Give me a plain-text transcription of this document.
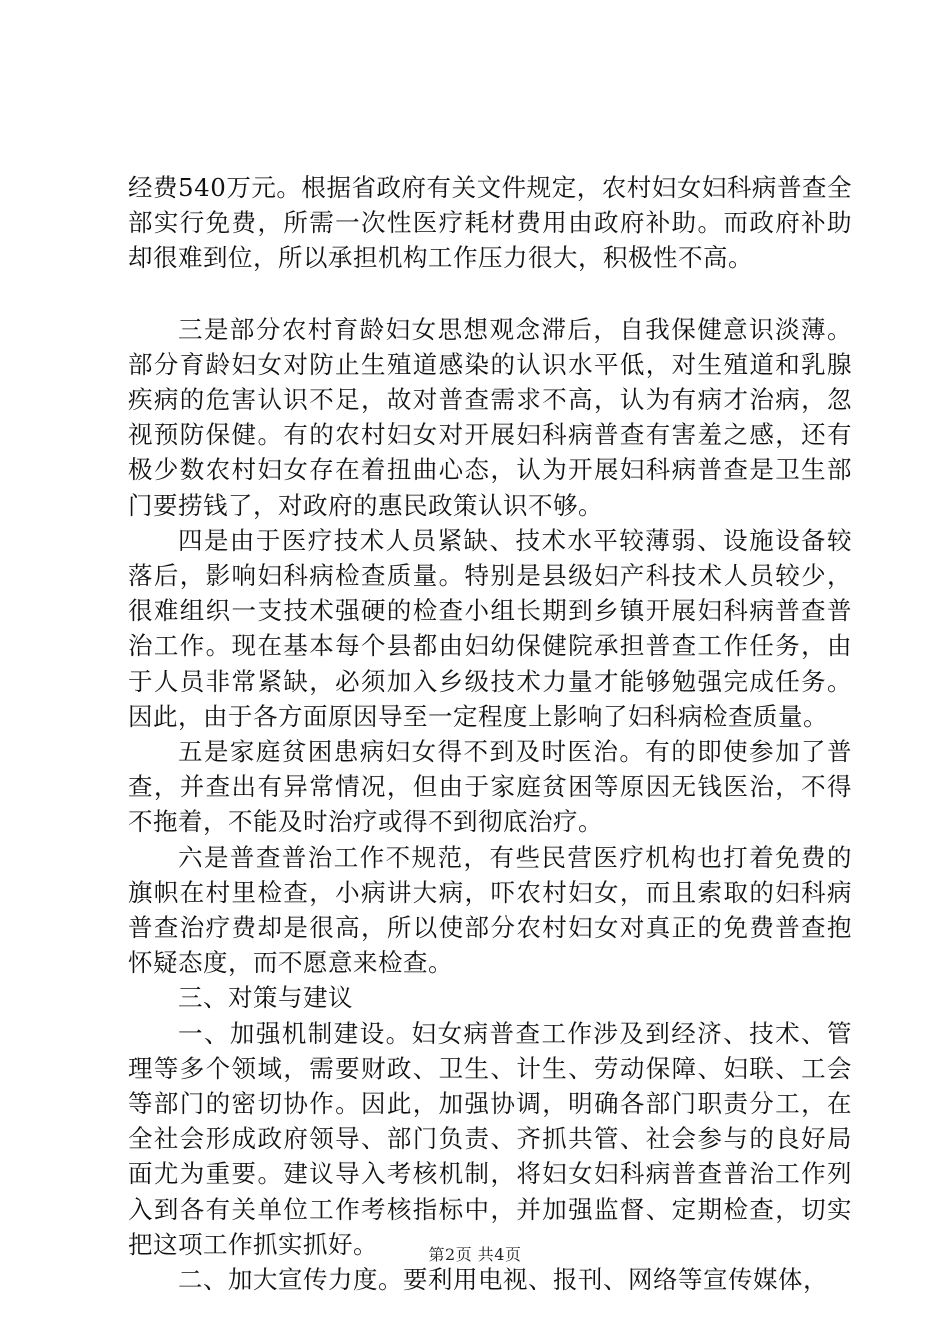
经费540万元。根据省政府有关文件规定，农村妇女妇科病普查全部实行免费，所需一次性医疗耗材费用由政府补助。而政府补助却很难到位，所以承担机构工作压力很大，积极性不高。

三是部分农村育龄妇女思想观念滞后，自我保健意识淡薄。部分育龄妇女对防止生殖道感染的认识水平低，对生殖道和乳腺疾病的危害认识不足，故对普查需求不高，认为有病才治病，忽视预防保健。有的农村妇女对开展妇科病普查有害羞之感，还有极少数农村妇女存在着扭曲心态，认为开展妇科病普查是卫生部门要捞钱了，对政府的惠民政策认识不够。

四是由于医疗技术人员紧缺、技术水平较薄弱、设施设备较落后，影响妇科病检查质量。特别是县级妇产科技术人员较少，很难组织一支技术强硬的检查小组长期到乡镇开展妇科病普查普治工作。现在基本每个县都由妇幼保健院承担普查工作任务，由于人员非常紧缺，必须加入乡级技术力量才能够勉强完成任务。因此，由于各方面原因导至一定程度上影响了妇科病检查质量。

五是家庭贫困患病妇女得不到及时医治。有的即使参加了普查，并查出有异常情况，但由于家庭贫困等原因无钱医治，不得不拖着，不能及时治疗或得不到彻底治疗。

六是普查普治工作不规范，有些民营医疗机构也打着免费的旗帜在村里检查，小病讲大病，吓农村妇女，而且索取的妇科病普查治疗费却是很高，所以使部分农村妇女对真正的免费普查抱怀疑态度，而不愿意来检查。

三、对策与建议

一、加强机制建设。妇女病普查工作涉及到经济、技术、管理等多个领域，需要财政、卫生、计生、劳动保障、妇联、工会等部门的密切协作。因此，加强协调，明确各部门职责分工，在全社会形成政府领导、部门负责、齐抓共管、社会参与的良好局面尤为重要。建议导入考核机制，将妇女妇科病普查普治工作列入到各有关单位工作考核指标中，并加强监督、定期检查，切实把这项工作抓实抓好。

二、加大宣传力度。要利用电视、报刊、网络等宣传媒体，

第2页 共4页
